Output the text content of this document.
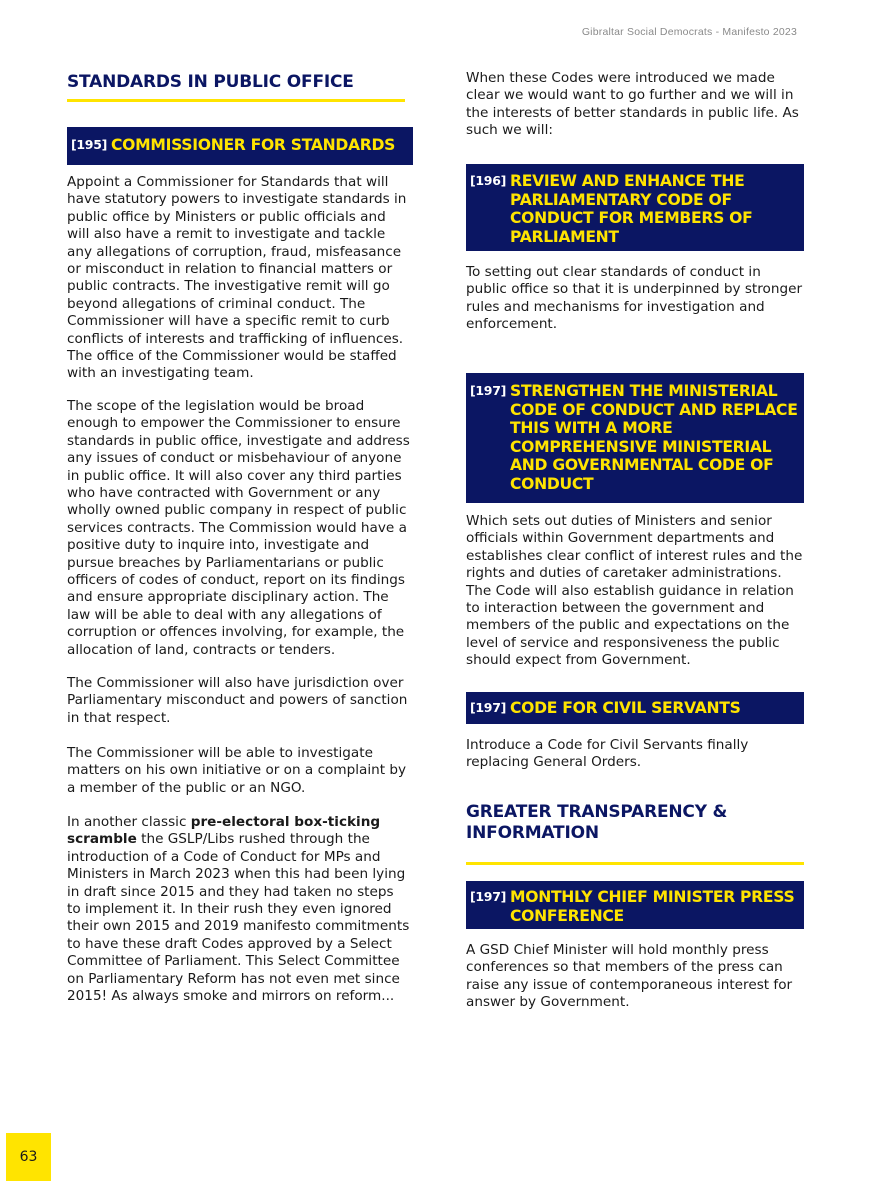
Gibraltar Social Democrats - Manifesto 2023
STANDARDS IN PUBLIC OFFICE
[195] COMMISSIONER FOR STANDARDS

Appoint a Commissioner for Standards that will have statutory powers to investigate standards in public office by Ministers or public officials and will also have a remit to investigate and tackle any allegations of corruption, fraud, misfeasance or misconduct in relation to financial matters or public contracts. The investigative remit will go beyond allegations of criminal conduct. The Commissioner will have a specific remit to curb conflicts of interests and trafficking of influences. The office of the Commissioner would be staffed with an investigating team.

The scope of the legislation would be broad enough to empower the Commissioner to ensure standards in public office, investigate and address any issues of conduct or misbehaviour of anyone in public office. It will also cover any third parties who have contracted with Government or any wholly owned public company in respect of public services contracts. The Commission would have a positive duty to inquire into, investigate and pursue breaches by Parliamentarians or public officers of codes of conduct, report on its findings and ensure appropriate disciplinary action. The law will be able to deal with any allegations of corruption or offences involving, for example, the allocation of land, contracts or tenders.

The Commissioner will also have jurisdiction over Parliamentary misconduct and powers of sanction in that respect.

The Commissioner will be able to investigate matters on his own initiative or on a complaint by a member of the public or an NGO.

In another classic pre-electoral box-ticking scramble the GSLP/Libs rushed through the introduction of a Code of Conduct for MPs and Ministers in March 2023 when this had been lying in draft since 2015 and they had taken no steps to implement it. In their rush they even ignored their own 2015 and 2019 manifesto commitments to have these draft Codes approved by a Select Committee of Parliament. This Select Committee on Parliamentary Reform has not even met since 2015! As always smoke and mirrors on reform...

When these Codes were introduced we made clear we would want to go further and we will in the interests of better standards in public life. As such we will:

[196] REVIEW AND ENHANCE THE PARLIAMENTARY CODE OF CONDUCT FOR MEMBERS OF PARLIAMENT

To setting out clear standards of conduct in public office so that it is underpinned by stronger rules and mechanisms for investigation and enforcement.

[197] STRENGTHEN THE MINISTERIAL CODE OF CONDUCT AND REPLACE THIS WITH A MORE COMPREHENSIVE MINISTERIAL AND GOVERNMENTAL CODE OF CONDUCT

Which sets out duties of Ministers and senior officials within Government departments and establishes clear conflict of interest rules and the rights and duties of caretaker administrations. The Code will also establish guidance in relation to interaction between the government and members of the public and expectations on the level of service and responsiveness the public should expect from Government.

[197] CODE FOR CIVIL SERVANTS

Introduce a Code for Civil Servants finally replacing General Orders.

GREATER TRANSPARENCY & INFORMATION
[197] MONTHLY CHIEF MINISTER PRESS CONFERENCE

A GSD Chief Minister will hold monthly press conferences so that members of the press can raise any issue of contemporaneous interest for answer by Government.

63
